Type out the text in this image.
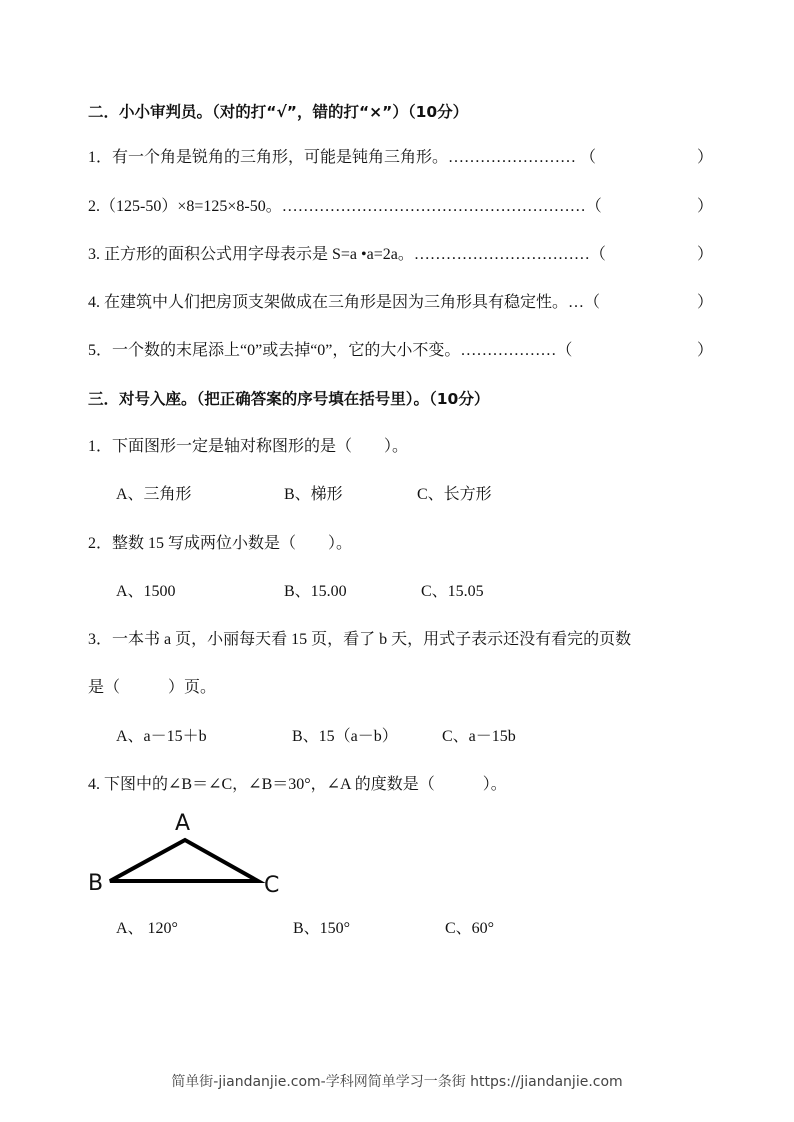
二．小小审判员。（对的打“√”，错的打“×”）（10分）
1．有一个角是锐角的三角形，可能是钝角三角形。…………………… （	）
2.（125-50）×8=125×8-50。…………………………………………………（	）
3. 正方形的面积公式用字母表示是 S=a •a=2a。……………………………（	）
4. 在建筑中人们把房顶支架做成在三角形是因为三角形具有稳定性。…（	）
5．一个数的末尾添上“0”或去掉“0”，它的大小不变。………………（	）
三．对号入座。（把正确答案的序号填在括号里）。（10分）
1．下面图形一定是轴对称图形的是（　　）。
A、三角形	B、梯形	C、长方形
2．整数 15 写成两位小数是（　　）。
A、1500	B、15.00	C、15.05
3．一本书 a 页，小丽每天看 15 页，看了 b 天，用式子表示还没有看完的页数
是（　　　）页。
A、a－15＋b	B、15（a－b）	C、a－15b
4. 下图中的∠B＝∠C，∠B＝30°，∠A 的度数是（　　　）。
A
B	C
A、 120°	B、150°	C、60°
简单街-jiandanjie.com-学科网简单学习一条街 https://jiandanjie.com
